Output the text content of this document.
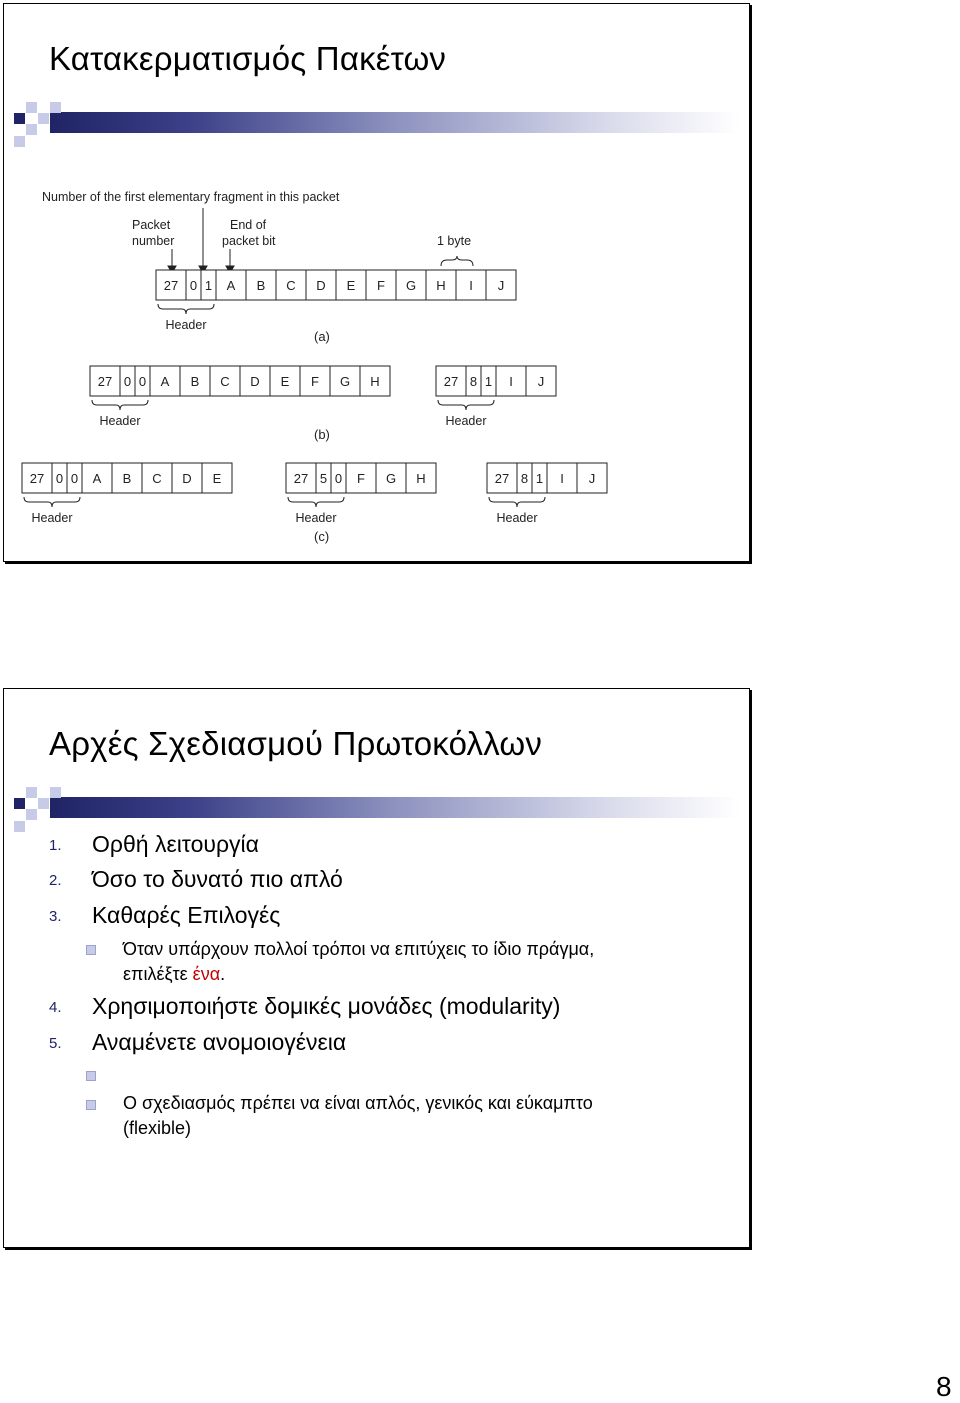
Κατακερματισμός Πακέτων
Number of the first elementary fragment in this packet
Packet
number
End of
packet bit	1 byte
27 0 1 A B C D E F G H I J
Header
27 0 0 A B C D E F G H
Header
27 8 1 I J
Header
27 0 0 A B C D E
Header
27 5 0 F G H
Header
27 8 1 I J
Header
(a)
(b)
(c)
Αρχές Σχεδιασμού Πρωτοκόλλων
1. Ορθή λειτουργία
2. Όσο το δυνατό πιο απλό
3. Καθαρές Επιλογές
Όταν υπάρχουν πολλοί τρόποι να επιτύχεις το ίδιο πράγμα,
επιλέξτε ένα.
4. Χρησιμοποιήστε δομικές μονάδες (modularity)
5. Αναμένετε ανομοιογένεια
Ο σχεδιασμός πρέπει να είναι απλός, γενικός και εύκαμπτο
(flexible)
8
